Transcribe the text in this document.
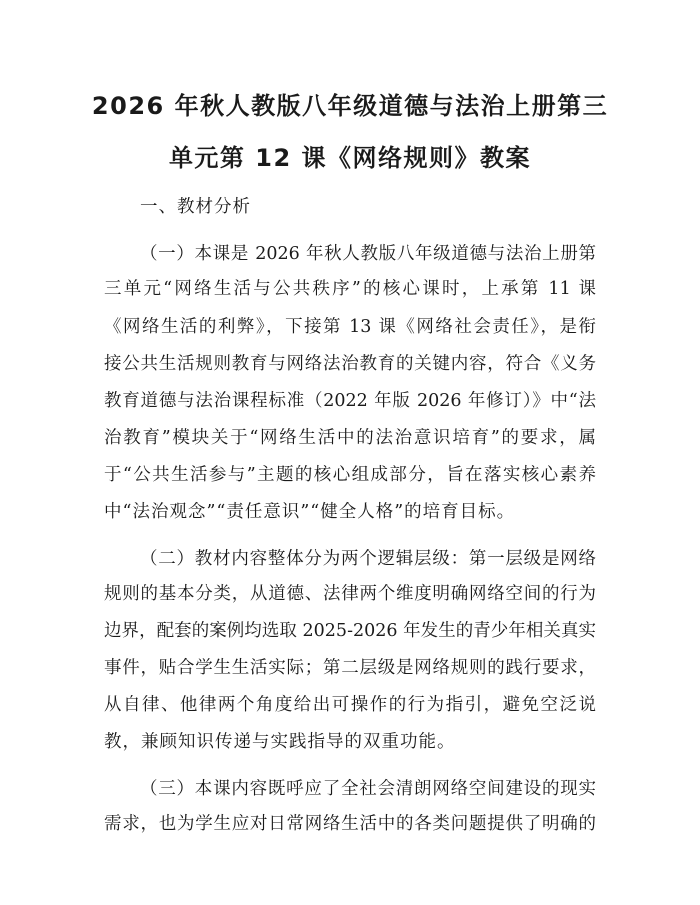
2026 年秋人教版八年级道德与法治上册第三
单元第 12 课《网络规则》教案
一、教材分析
（一）本课是 2026 年秋人教版八年级道德与法治上册第
三单元“网络生活与公共秩序”的核心课时，上承第 11 课
《网络生活的利弊》，下接第 13 课《网络社会责任》，是衔
接公共生活规则教育与网络法治教育的关键内容，符合《义务
教育道德与法治课程标准（2022 年版 2026 年修订）》中“法
治教育”模块关于“网络生活中的法治意识培育”的要求，属
于“公共生活参与”主题的核心组成部分，旨在落实核心素养
中“法治观念”“责任意识”“健全人格”的培育目标。
（二）教材内容整体分为两个逻辑层级：第一层级是网络
规则的基本分类，从道德、法律两个维度明确网络空间的行为
边界，配套的案例均选取 2025-2026 年发生的青少年相关真实
事件，贴合学生生活实际；第二层级是网络规则的践行要求，
从自律、他律两个角度给出可操作的行为指引，避免空泛说
教，兼顾知识传递与实践指导的双重功能。
（三）本课内容既呼应了全社会清朗网络空间建设的现实
需求，也为学生应对日常网络生活中的各类问题提供了明确的
